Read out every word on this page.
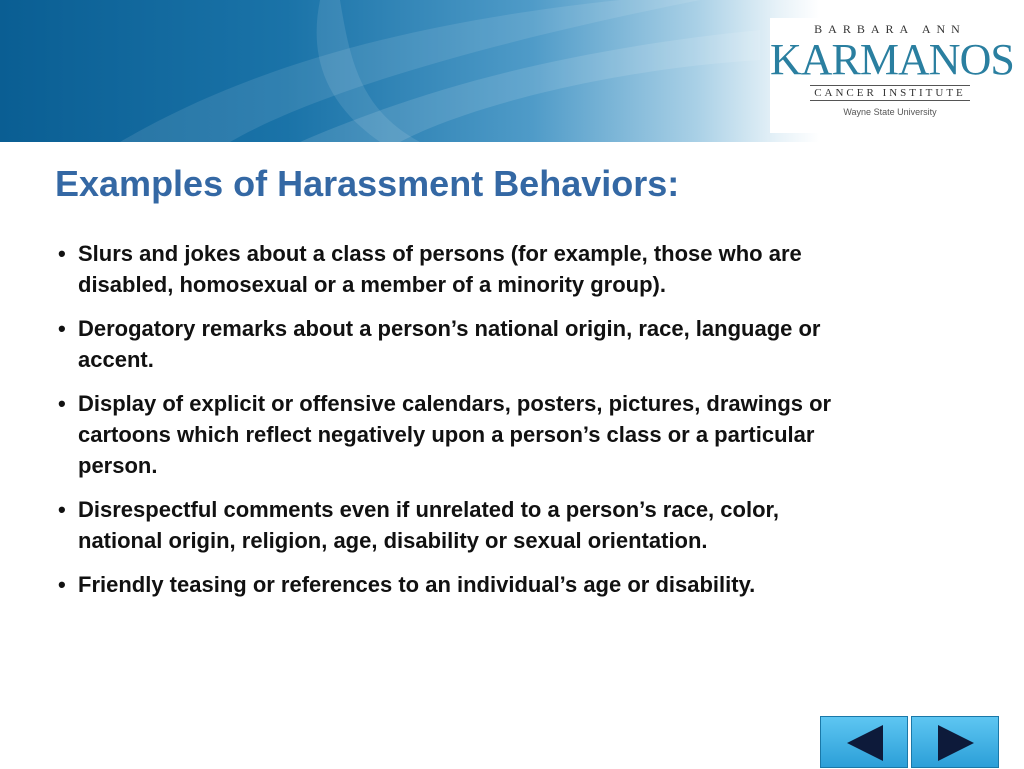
BARBARA ANN
KARMANOS
CANCER INSTITUTE
Wayne State University
Examples of Harassment Behaviors:
• Slurs and jokes about a class of persons (for example, those who are disabled, homosexual or a member of a minority group).
• Derogatory remarks about a person’s national origin, race, language or accent.
• Display of explicit or offensive calendars, posters, pictures, drawings or cartoons which reflect negatively upon a person’s class or a particular person.
• Disrespectful comments even if unrelated to a person’s race, color, national origin, religion, age, disability or sexual orientation.
• Friendly teasing or references to an individual’s age or disability.
